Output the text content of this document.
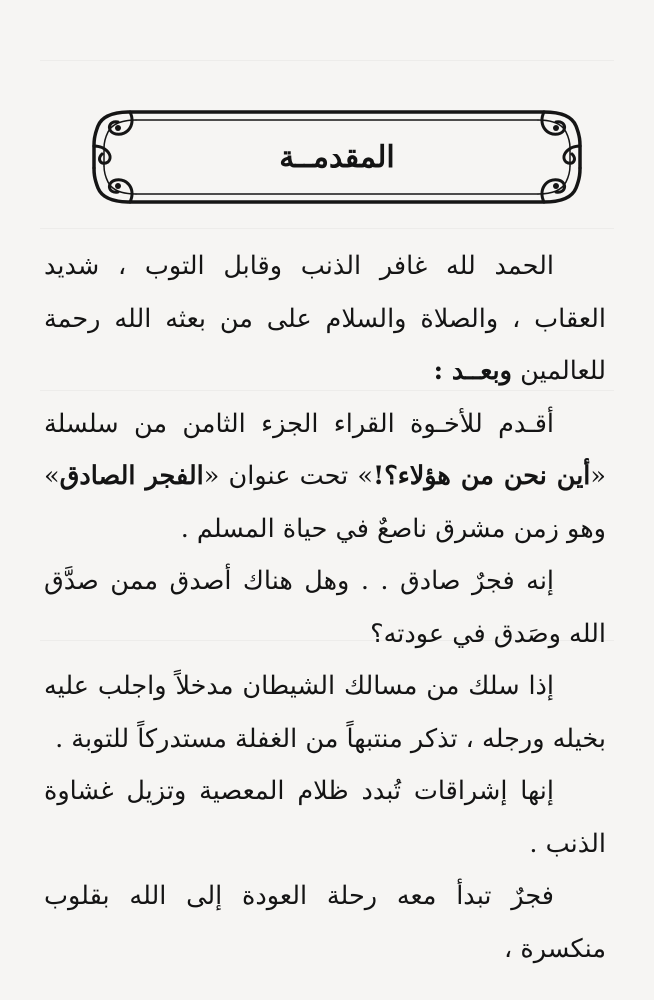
المقدمــة

الحمد لله غافر الذنب وقابل التوب ، شديد العقاب ، والصلاة والسلام على من بعثه الله رحمة للعالمين وبعــد :

أقـدم للأخـوة القراء الجزء الثامن من سلسلة «أين نحن من هؤلاء؟!» تحت عنوان «الفجر الصادق» وهو زمن مشرق ناصعٌ في حياة المسلم .

إنه فجرٌ صادق . . وهل هناك أصدق ممن صدَّق الله وصَدق في عودته؟

إذا سلك من مسالك الشيطان مدخلاً واجلب عليه بخيله ورجله ، تذكر منتبهاً من الغفلة مستدركاً للتوبة .

إنها إشراقات تُبدد ظلام المعصية وتزيل غشاوة الذنب .

فجرٌ تبدأ معه رحلة العودة إلى الله بقلوب منكسرة ،
